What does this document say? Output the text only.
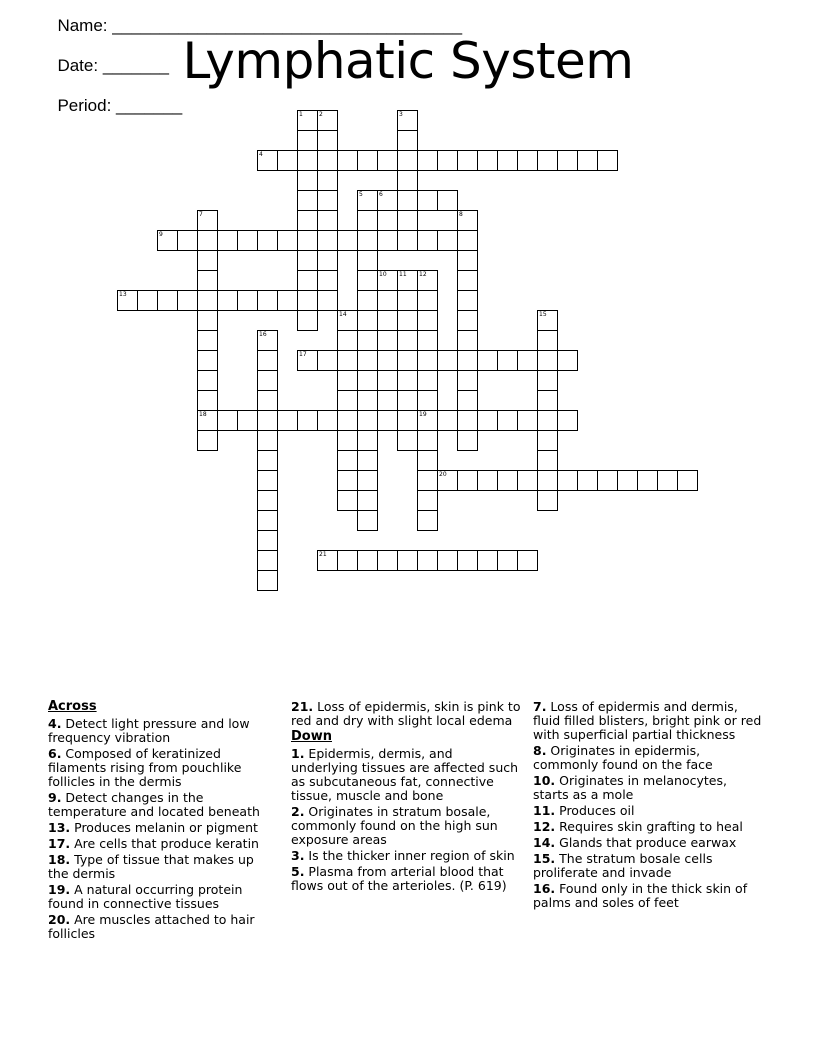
Name: _____________________________________

Date: _______

Period: _______

Lymphatic System
1	2	3
4
5	6
7
18
8
9
10 11 12
19
13
14	15
16
17
20
21
Across
4. Detect light pressure and low frequency vibration
6. Composed of keratinized filaments rising from pouchlike follicles in the dermis
9. Detect changes in the temperature and located beneath
13. Produces melanin or pigment
17. Are cells that produce keratin
18. Type of tissue that makes up the dermis
19. A natural occurring protein found in connective tissues
20. Are muscles attached to hair follicles
21. Loss of epidermis, skin is pink to red and dry with slight local edema
Down
1. Epidermis, dermis, and underlying tissues are affected such as subcutaneous fat, connective tissue, muscle and bone
2. Originates in stratum bosale, commonly found on the high sun exposure areas
3. Is the thicker inner region of skin
5. Plasma from arterial blood that flows out of the arterioles. (P. 619)
7. Loss of epidermis and dermis, fluid filled blisters, bright pink or red with superficial partial thickness
8. Originates in epidermis, commonly found on the face
10. Originates in melanocytes, starts as a mole
11. Produces oil
12. Requires skin grafting to heal
14. Glands that produce earwax
15. The stratum bosale cells proliferate and invade
16. Found only in the thick skin of palms and soles of feet
